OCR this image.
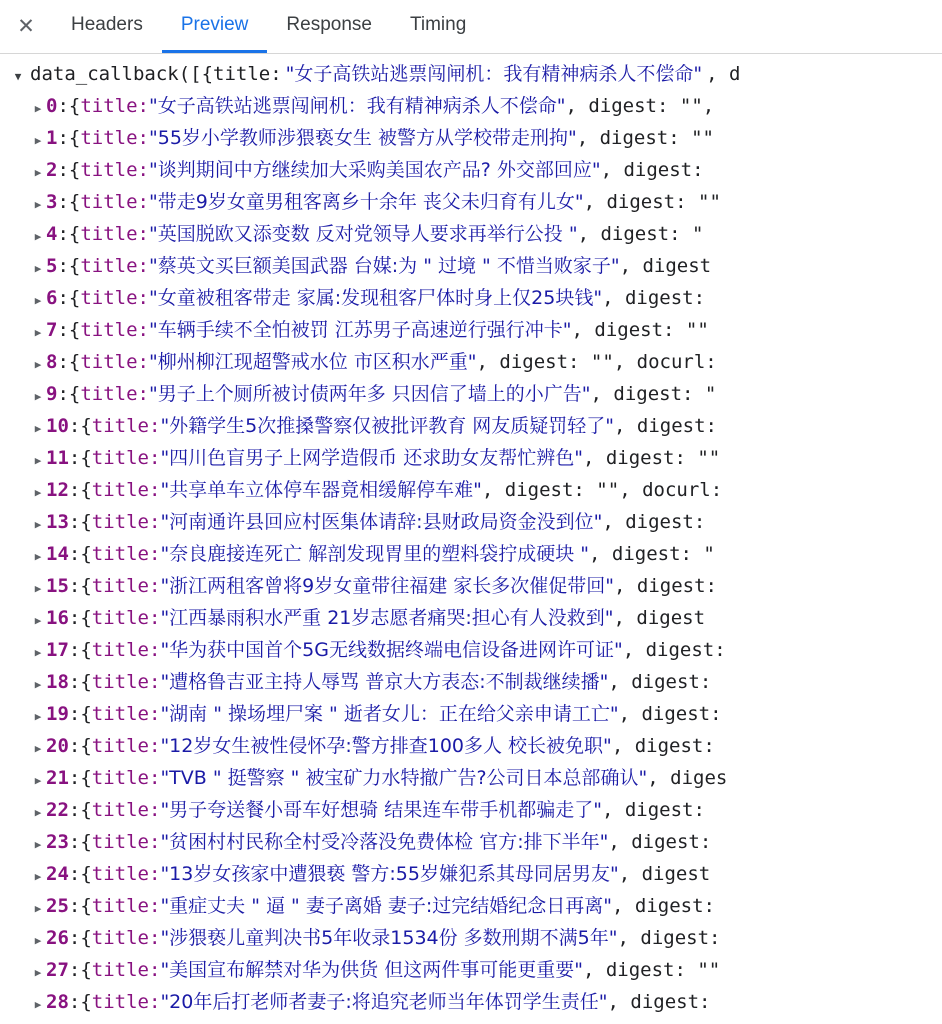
✕	Headers	Preview	Response	Timing
▼ data_callback([{title: "女子高铁站逃票闯闸机：我有精神病杀人不偿命" , d
▶ 0 : { title: "女子高铁站逃票闯闸机：我有精神病杀人不偿命" , digest: "",
▶ 1 : { title: "55岁小学教师涉猥亵女生 被警方从学校带走刑拘" , digest: ""
▶ 2 : { title: "谈判期间中方继续加大采购美国农产品? 外交部回应" , digest:
▶ 3 : { title: "带走9岁女童男租客离乡十余年 丧父未归育有儿女" , digest: ""
▶ 4 : { title: "英国脱欧又添变数 反对党领导人要求再举行公投 " , digest: "
▶ 5 : { title: "蔡英文买巨额美国武器 台媒:为 " 过境 " 不惜当败家子" , digest
▶ 6 : { title: "女童被租客带走 家属:发现租客尸体时身上仅25块钱" , digest:
▶ 7 : { title: "车辆手续不全怕被罚 江苏男子高速逆行强行冲卡" , digest: ""
▶ 8 : { title: "柳州柳江现超警戒水位 市区积水严重" , digest: "", docurl:
▶ 9 : { title: "男子上个厕所被讨债两年多 只因信了墙上的小广告" , digest: "
▶ 10 : { title: "外籍学生5次推搡警察仅被批评教育 网友质疑罚轻了" , digest:
▶ 11 : { title: "四川色盲男子上网学造假币 还求助女友帮忙辨色" , digest: ""
▶ 12 : { title: "共享单车立体停车器竟相缓解停车难" , digest: "", docurl:
▶ 13 : { title: "河南通许县回应村医集体请辞:县财政局资金没到位" , digest:
▶ 14 : { title: "奈良鹿接连死亡 解剖发现胃里的塑料袋拧成硬块 " , digest: "
▶ 15 : { title: "浙江两租客曾将9岁女童带往福建 家长多次催促带回" , digest:
▶ 16 : { title: "江西暴雨积水严重 21岁志愿者痛哭:担心有人没救到" , digest
▶ 17 : { title: "华为获中国首个5G无线数据终端电信设备进网许可证" , digest:
▶ 18 : { title: "遭格鲁吉亚主持人辱骂 普京大方表态:不制裁继续播" , digest:
▶ 19 : { title: "湖南 " 操场埋尸案 " 逝者女儿：正在给父亲申请工亡" , digest:
▶ 20 : { title: "12岁女生被性侵怀孕:警方排查100多人 校长被免职" , digest:
▶ 21 : { title: "TVB " 挺警察 " 被宝矿力水特撤广告?公司日本总部确认" , diges
▶ 22 : { title: "男子夸送餐小哥车好想骑 结果连车带手机都骗走了" , digest:
▶ 23 : { title: "贫困村村民称全村受冷落没免费体检 官方:排下半年" , digest:
▶ 24 : { title: "13岁女孩家中遭猥亵 警方:55岁嫌犯系其母同居男友" , digest
▶ 25 : { title: "重症丈夫 " 逼 " 妻子离婚 妻子:过完结婚纪念日再离" , digest:
▶ 26 : { title: "涉猥亵儿童判决书5年收录1534份 多数刑期不满5年" , digest:
▶ 27 : { title: "美国宣布解禁对华为供货 但这两件事可能更重要" , digest: ""
▶ 28 : { title: "20年后打老师者妻子:将追究老师当年体罚学生责任" , digest:
